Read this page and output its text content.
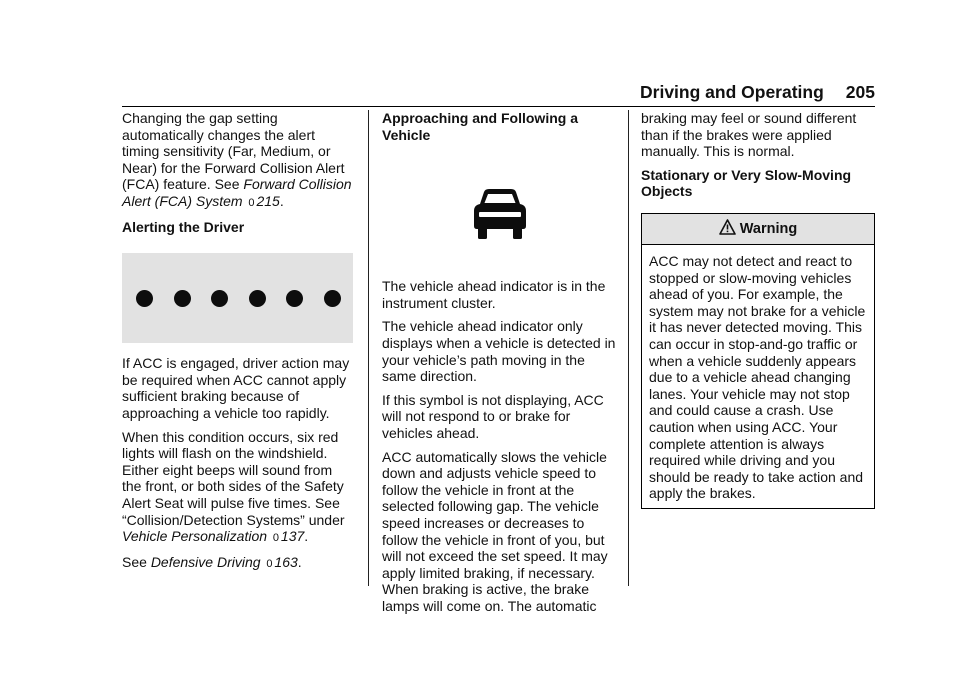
Driving and Operating 205

Changing the gap setting automatically changes the alert timing sensitivity (Far, Medium, or Near) for the Forward Collision Alert (FCA) feature. See Forward Collision Alert (FCA) System 0 215.

Alerting the Driver

If ACC is engaged, driver action may be required when ACC cannot apply sufficient braking because of approaching a vehicle too rapidly.

When this condition occurs, six red lights will flash on the windshield. Either eight beeps will sound from the front, or both sides of the Safety Alert Seat will pulse five times. See “Collision/Detection Systems” under Vehicle Personalization 0 137.

See Defensive Driving 0 163.

Approaching and Following a Vehicle

The vehicle ahead indicator is in the instrument cluster.

The vehicle ahead indicator only displays when a vehicle is detected in your vehicle’s path moving in the same direction.

If this symbol is not displaying, ACC will not respond to or brake for vehicles ahead.

ACC automatically slows the vehicle down and adjusts vehicle speed to follow the vehicle in front at the selected following gap. The vehicle speed increases or decreases to follow the vehicle in front of you, but will not exceed the set speed. It may apply limited braking, if necessary. When braking is active, the brake lamps will come on. The automatic

braking may feel or sound different than if the brakes were applied manually. This is normal.

Stationary or Very Slow-Moving Objects
Warning
ACC may not detect and react to stopped or slow-moving vehicles ahead of you. For example, the system may not brake for a vehicle it has never detected moving. This can occur in stop-and-go traffic or when a vehicle suddenly appears due to a vehicle ahead changing lanes. Your vehicle may not stop and could cause a crash. Use caution when using ACC. Your complete attention is always required while driving and you should be ready to take action and apply the brakes.
